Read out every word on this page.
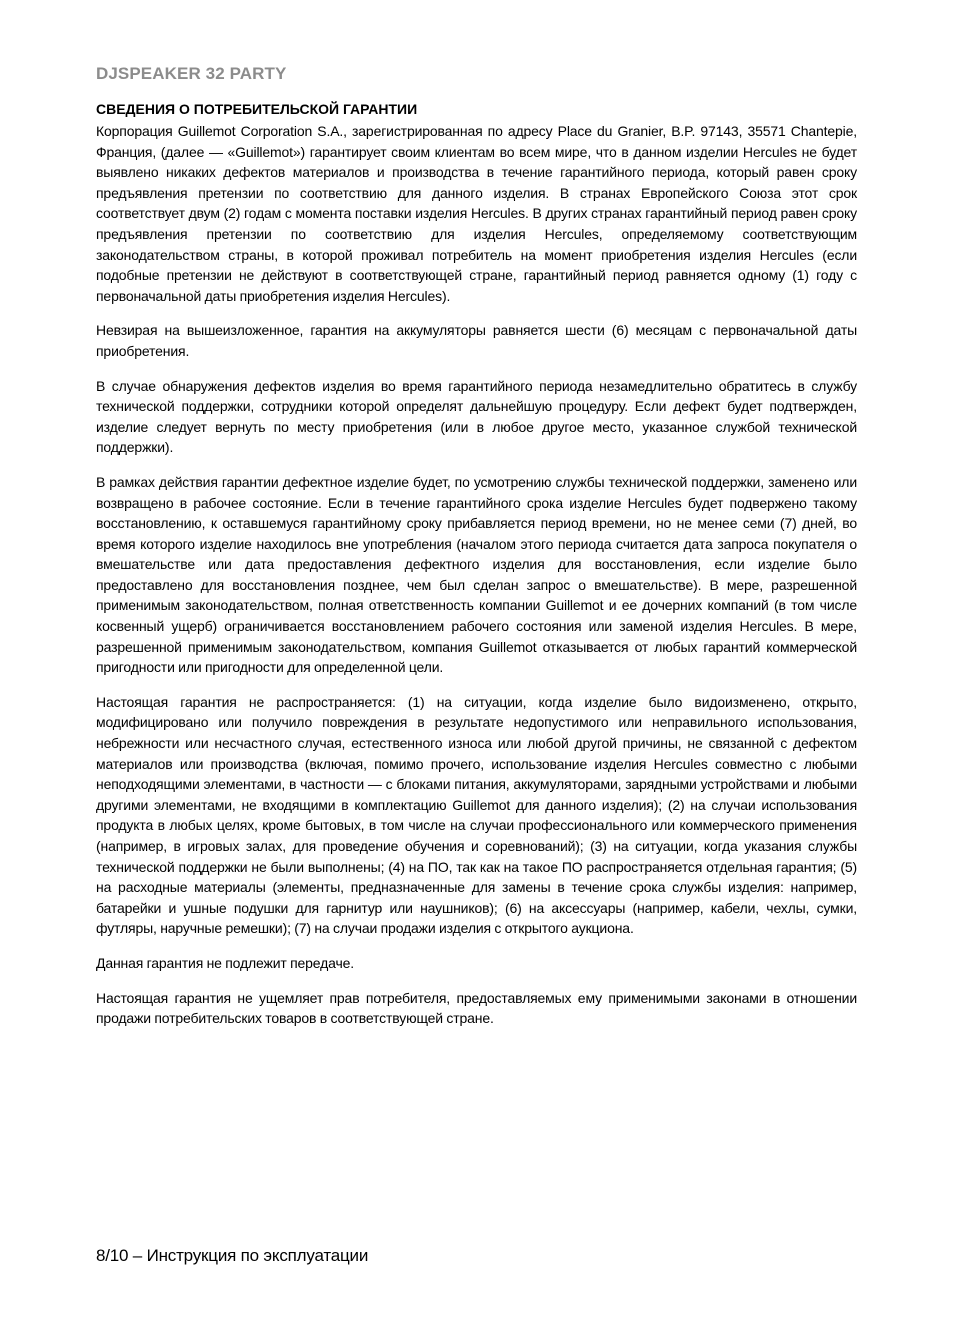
DJSPEAKER 32 PARTY
СВЕДЕНИЯ О ПОТРЕБИТЕЛЬСКОЙ ГАРАНТИИ

Корпорация Guillemot Corporation S.A., зарегистрированная по адресу Place du Granier, B.P. 97143, 35571 Chantepie, Франция, (далее — «Guillemot») гарантирует своим клиентам во всем мире, что в данном изделии Hercules не будет выявлено никаких дефектов материалов и производства в течение гарантийного периода, который равен сроку предъявления претензии по соответствию для данного изделия. В странах Европейского Союза этот срок соответствует двум (2) годам с момента поставки изделия Hercules. В других странах гарантийный период равен сроку предъявления претензии по соответствию для изделия Hercules, определяемому соответствующим законодательством страны, в которой проживал потребитель на момент приобретения изделия Hercules (если подобные претензии не действуют в соответствующей стране, гарантийный период равняется одному (1) году с первоначальной даты приобретения изделия Hercules).

Невзирая на вышеизложенное, гарантия на аккумуляторы равняется шести (6) месяцам с первоначальной даты приобретения.

В случае обнаружения дефектов изделия во время гарантийного периода незамедлительно обратитесь в службу технической поддержки, сотрудники которой определят дальнейшую процедуру. Если дефект будет подтвержден, изделие следует вернуть по месту приобретения (или в любое другое место, указанное службой технической поддержки).

В рамках действия гарантии дефектное изделие будет, по усмотрению службы технической поддержки, заменено или возвращено в рабочее состояние. Если в течение гарантийного срока изделие Hercules будет подвержено такому восстановлению, к оставшемуся гарантийному сроку прибавляется период времени, но не менее семи (7) дней, во время которого изделие находилось вне употребления (началом этого периода считается дата запроса покупателя о вмешательстве или дата предоставления дефектного изделия для восстановления, если изделие было предоставлено для восстановления позднее, чем был сделан запрос о вмешательстве). В мере, разрешенной применимым законодательством, полная ответственность компании Guillemot и ее дочерних компаний (в том числе косвенный ущерб) ограничивается восстановлением рабочего состояния или заменой изделия Hercules. В мере, разрешенной применимым законодательством, компания Guillemot отказывается от любых гарантий коммерческой пригодности или пригодности для определенной цели.

Настоящая гарантия не распространяется: (1) на ситуации, когда изделие было видоизменено, открыто, модифицировано или получило повреждения в результате недопустимого или неправильного использования, небрежности или несчастного случая, естественного износа или любой другой причины, не связанной с дефектом материалов или производства (включая, помимо прочего, использование изделия Hercules совместно с любыми неподходящими элементами, в частности — с блоками питания, аккумуляторами, зарядными устройствами и любыми другими элементами, не входящими в комплектацию Guillemot для данного изделия); (2) на случаи использования продукта в любых целях, кроме бытовых, в том числе на случаи профессионального или коммерческого применения (например, в игровых залах, для проведение обучения и соревнований); (3) на ситуации, когда указания службы технической поддержки не были выполнены; (4) на ПО, так как на такое ПО распространяется отдельная гарантия; (5) на расходные материалы (элементы, предназначенные для замены в течение срока службы изделия: например, батарейки и ушные подушки для гарнитур или наушников); (6) на аксессуары (например, кабели, чехлы, сумки, футляры, наручные ремешки); (7) на случаи продажи изделия с открытого аукциона.

Данная гарантия не подлежит передаче.

Настоящая гарантия не ущемляет прав потребителя, предоставляемых ему применимыми законами в отношении продажи потребительских товаров в соответствующей стране.

8/10 – Инструкция по эксплуатации
